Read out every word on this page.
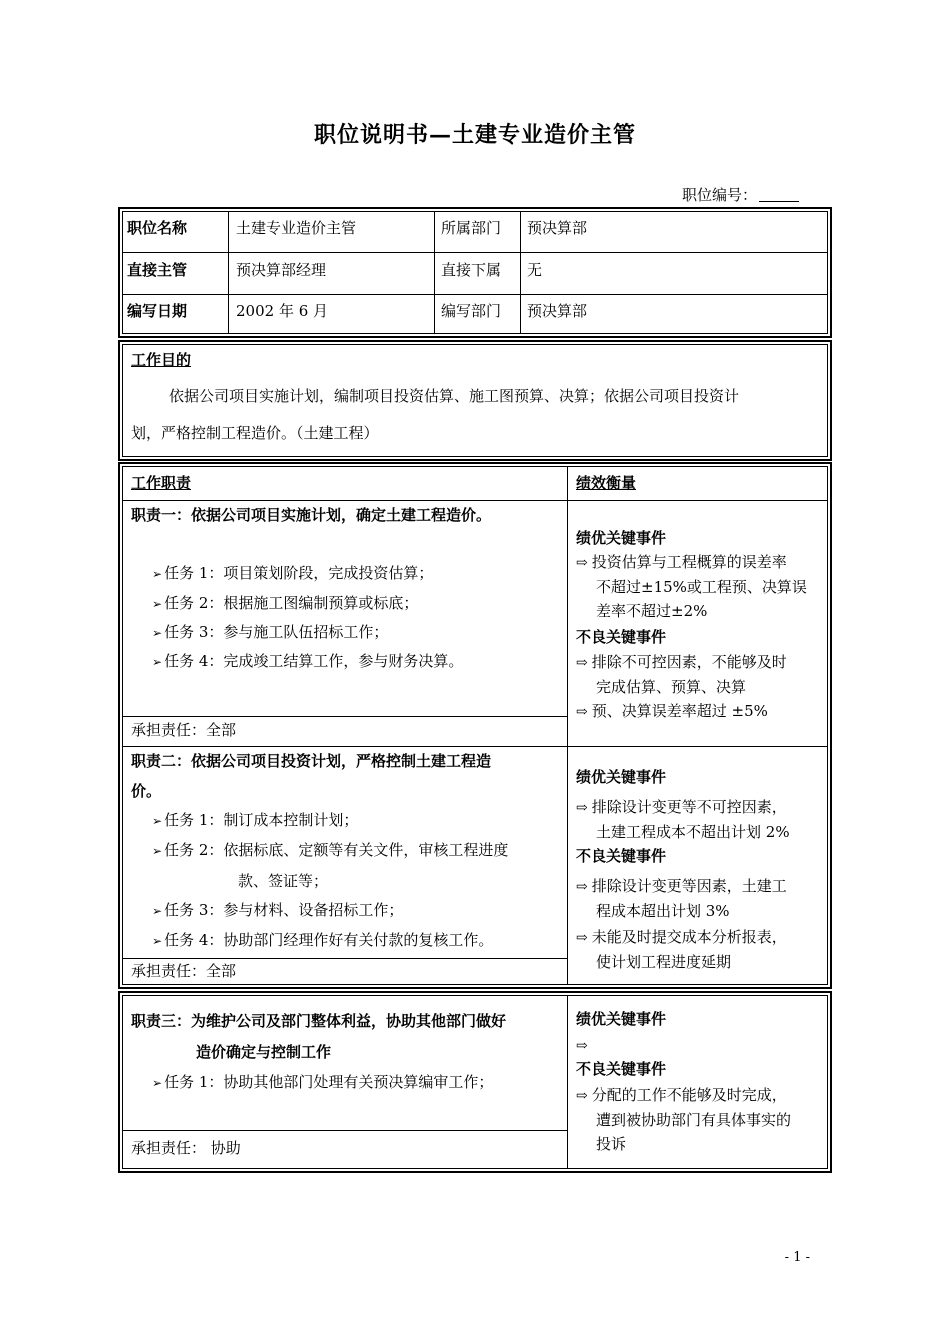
职位说明书—土建专业造价主管
职位编号：
职位名称	土建专业造价主管	所属部门 预决算部
直接主管	预决算部经理	直接下属 无
编写日期	2002 年 6 月	编写部门 预决算部
工作目的
依据公司项目实施计划，编制项目投资估算、施工图预算、决算；依据公司项目投资计
划，严格控制工程造价。（土建工程）
工作职责	绩效衡量
职责一：依据公司项目实施计划，确定土建工程造价。
➢ 任务 1：项目策划阶段，完成投资估算；
➢ 任务 2：根据施工图编制预算或标底；
➢ 任务 3：参与施工队伍招标工作；
➢ 任务 4：完成竣工结算工作，参与财务决算。
承担责任：全部
绩优关键事件
⇨ 投资估算与工程概算的误差率
不超过±15%或工程预、决算误
差率不超过±2%
不良关键事件
⇨ 排除不可控因素，不能够及时
完成估算、预算、决算
⇨ 预、决算误差率超过 ±5%
职责二：依据公司项目投资计划，严格控制土建工程造
价。
➢ 任务 1：制订成本控制计划；
➢ 任务 2：依据标底、定额等有关文件，审核工程进度
款、签证等；
➢ 任务 3：参与材料、设备招标工作；
➢ 任务 4：协助部门经理作好有关付款的复核工作。
承担责任：全部
绩优关键事件
⇨ 排除设计变更等不可控因素，
土建工程成本不超出计划 2%
不良关键事件
⇨ 排除设计变更等因素，土建工
程成本超出计划 3%
⇨ 未能及时提交成本分析报表，
使计划工程进度延期
职责三：为维护公司及部门整体利益，协助其他部门做好
造价确定与控制工作
➢ 任务 1：协助其他部门处理有关预决算编审工作；
承担责任： 协助
绩优关键事件
⇨
不良关键事件
⇨ 分配的工作不能够及时完成，
遭到被协助部门有具体事实的
投诉
- 1 -
